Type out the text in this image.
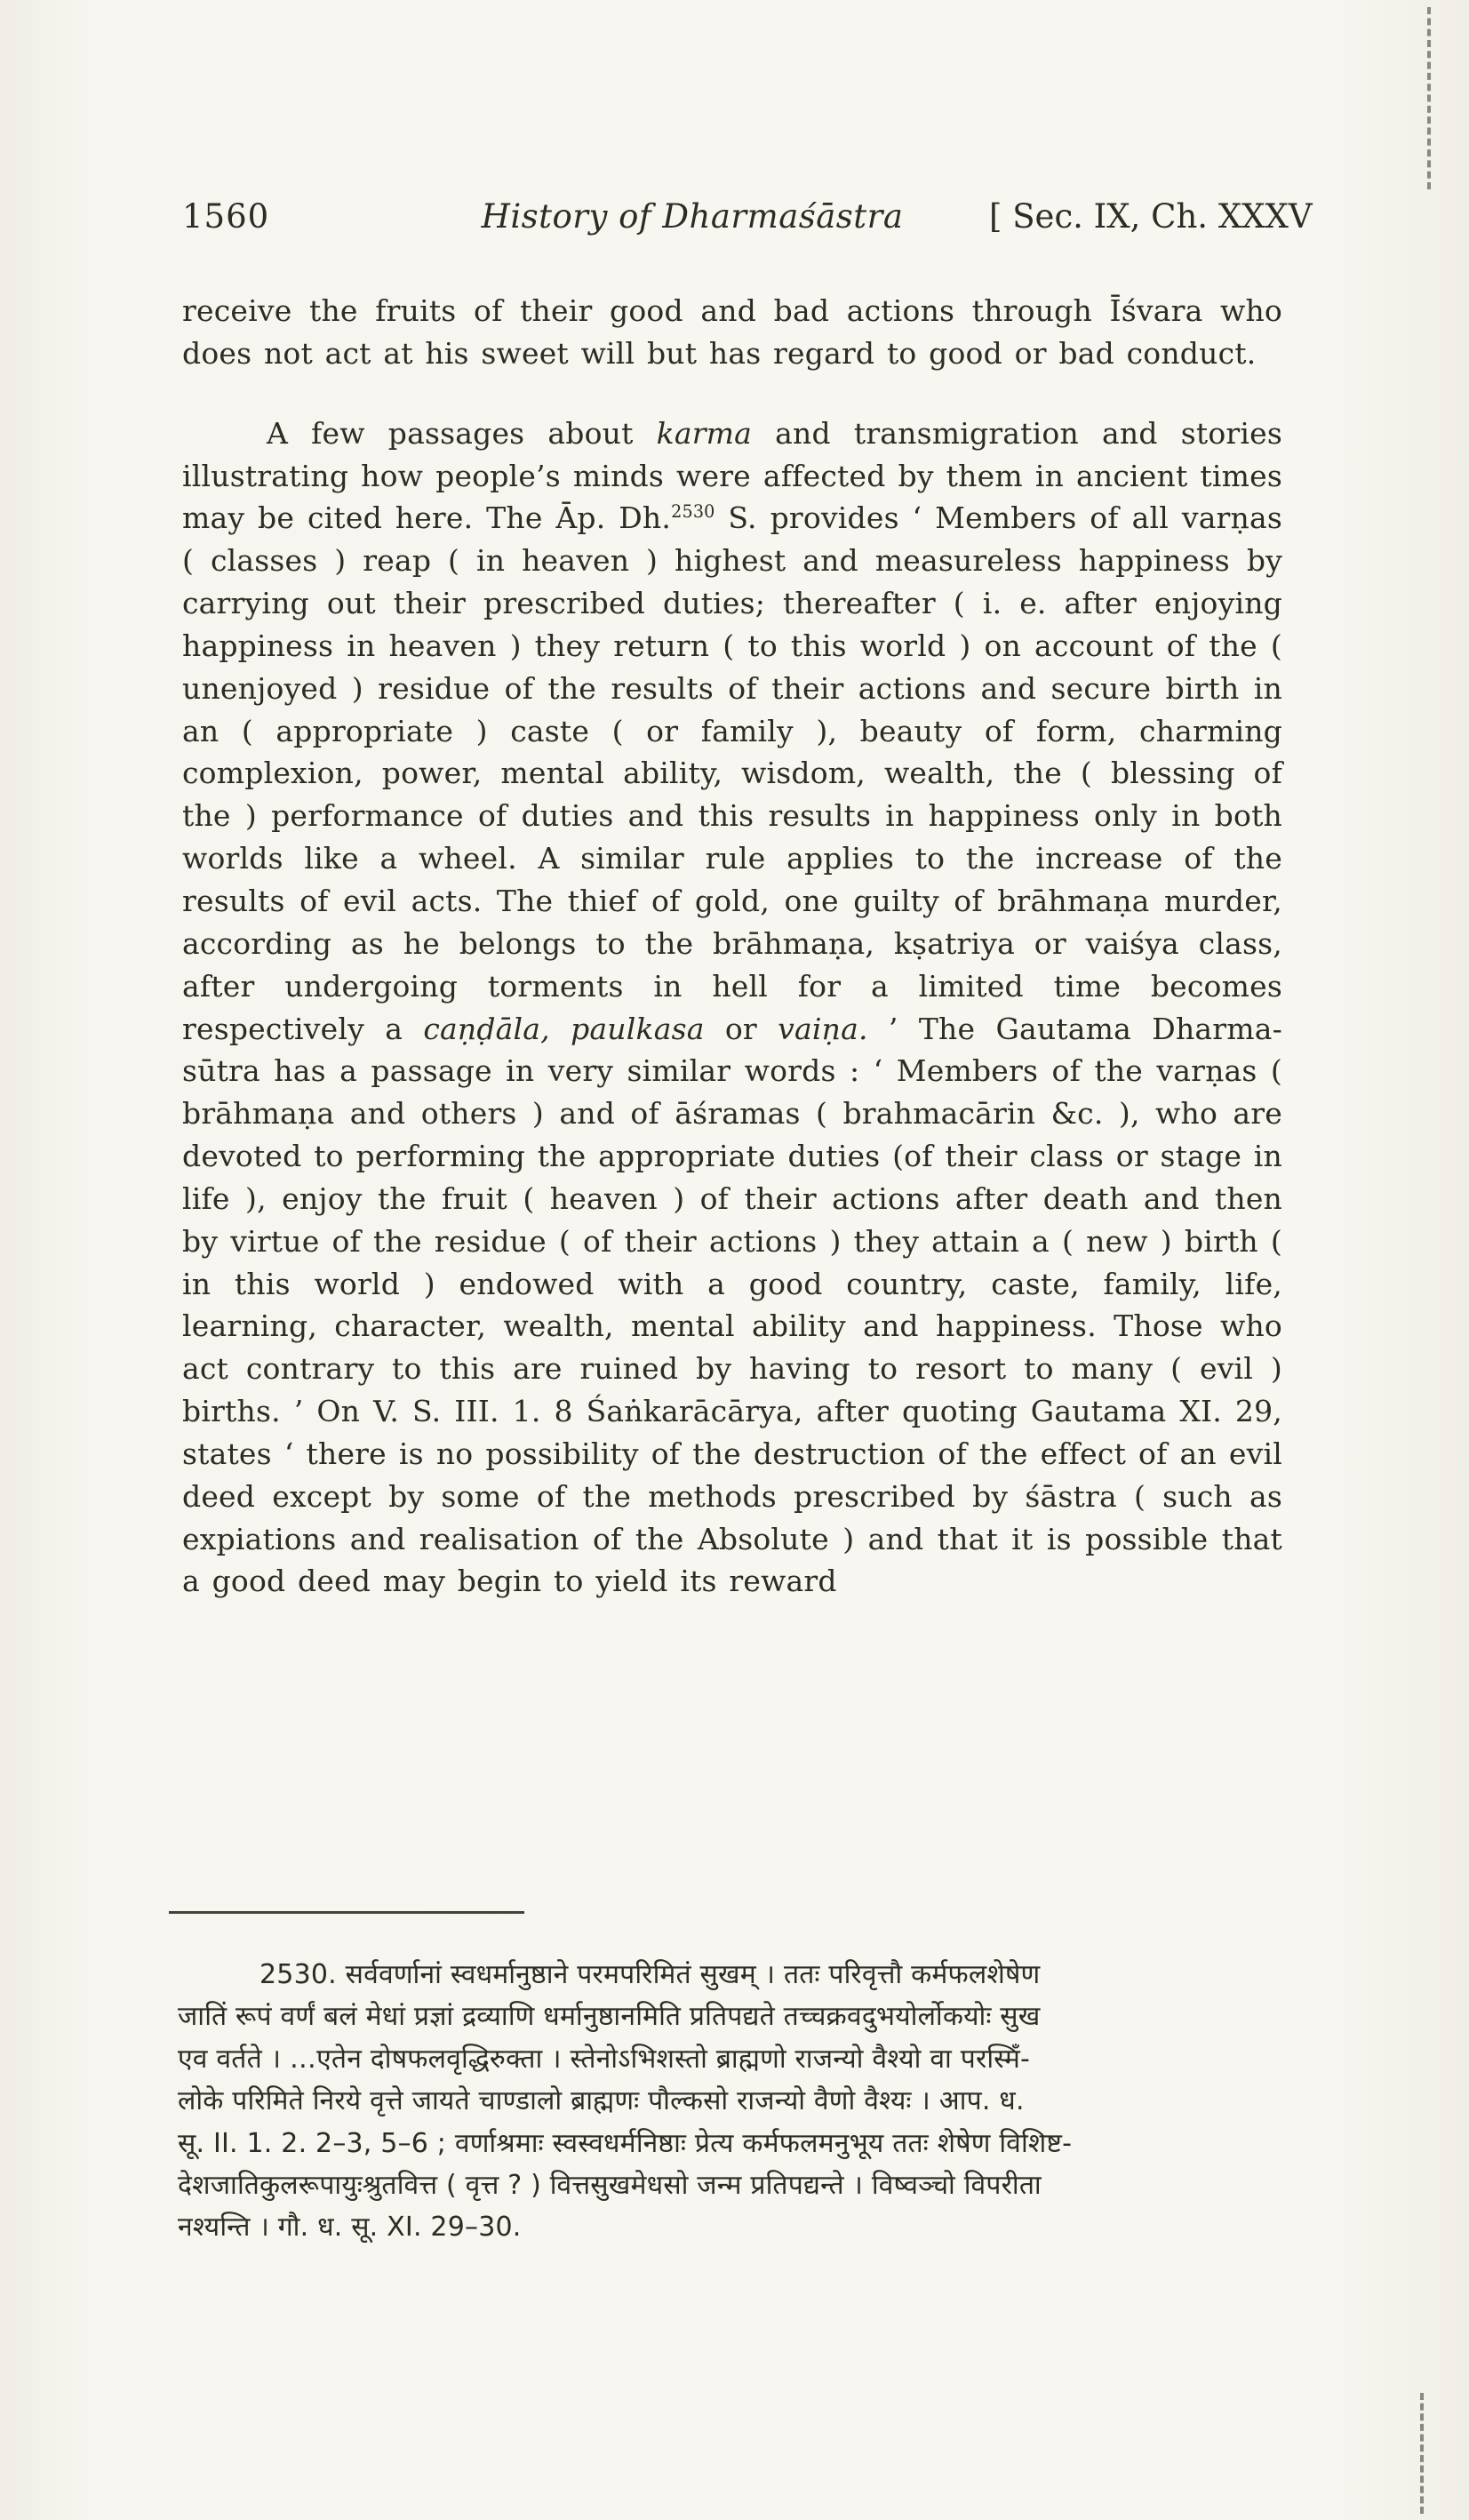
1560	History of Dharmaśāstra	[ Sec. IX, Ch. XXXV

receive the fruits of their good and bad actions through Īśvara who does not act at his sweet will but has regard to good or bad conduct.

A few passages about karma and transmigration and stories illustrating how people’s minds were affected by them in ancient times may be cited here. The Āp. Dh.$^{2530}$ S. provides ‘ Members of all varṇas ( classes ) reap ( in heaven ) highest and measureless happiness by carrying out their prescribed duties; thereafter ( i. e. after enjoying happiness in heaven ) they return ( to this world ) on account of the ( unenjoyed ) residue of the results of their actions and secure birth in an ( appropriate ) caste ( or family ), beauty of form, charming complexion, power, mental ability, wisdom, wealth, the ( blessing of the ) performance of duties and this results in happiness only in both worlds like a wheel. A similar rule applies to the increase of the results of evil acts. The thief of gold, one guilty of brāhmaṇa murder, according as he belongs to the brāhmaṇa, kṣatriya or vaiśya class, after undergoing torments in hell for a limited time becomes respectively a caṇḍāla, paulkasa or vaiṇa. ’ The Gautama Dharma-sūtra has a passage in very similar words : ‘ Members of the varṇas ( brāhmaṇa and others ) and of āśramas ( brahmacārin &c. ), who are devoted to performing the appropriate duties (of their class or stage in life ), enjoy the fruit ( heaven ) of their actions after death and then by virtue of the residue ( of their actions ) they attain a ( new ) birth ( in this world ) endowed with a good country, caste, family, life, learning, character, wealth, mental ability and happiness. Those who act contrary to this are ruined by having to resort to many ( evil ) births. ’ On V. S. III. 1. 8 Śaṅkarācārya, after quoting Gautama XI. 29, states ‘ there is no possibility of the destruction of the effect of an evil deed except by some of the methods prescribed by śāstra ( such as expiations and realisation of the Absolute ) and that it is possible that a good deed may begin to yield its reward

2530. सर्ववर्णानां स्वधर्मानुष्ठाने परमपरिमितं सुखम् । ततः परिवृत्तौ कर्मफलशेषेण
जातिं रूपं वर्णं बलं मेधां प्रज्ञां द्रव्याणि धर्मानुष्ठानमिति प्रतिपद्यते तच्चक्रवदुभयोर्लोकयोः सुख
एव वर्तते । …एतेन दोषफलवृद्धिरुक्ता । स्तेनोऽभिशस्तो ब्राह्मणो राजन्यो वैश्यो वा परस्मिँ-
लोके परिमिते निरये वृत्ते जायते चाण्डालो ब्राह्मणः पौल्कसो राजन्यो वैणो वैश्यः । आप. ध.
सू. II. 1. 2. 2–3, 5–6 ; वर्णाश्रमाः स्वस्वधर्मनिष्ठाः प्रेत्य कर्मफलमनुभूय ततः शेषेण विशिष्ट-
देशजातिकुलरूपायुःश्रुतवित्त ( वृत्त ? ) वित्तसुखमेधसो जन्म प्रतिपद्यन्ते । विष्वञ्चो विपरीता
नश्यन्ति । गौ. ध. सू. XI. 29–30.
